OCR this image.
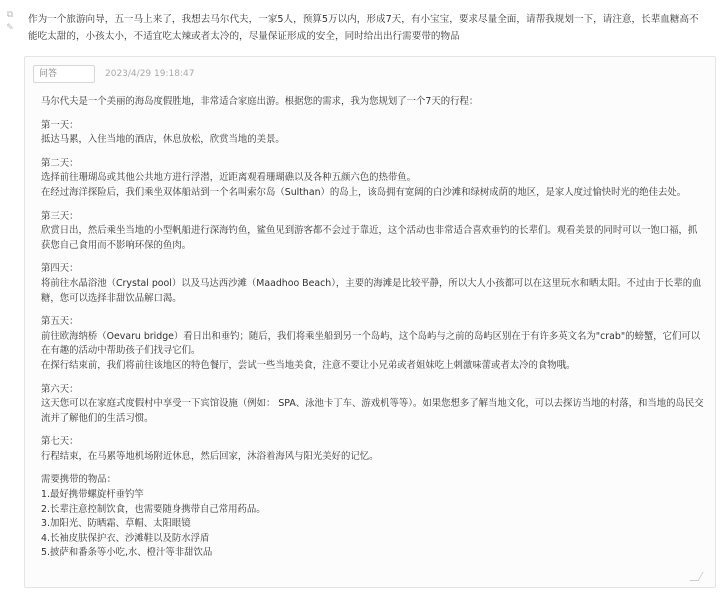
⧉
✎
作为一个旅游向导，五一马上来了，我想去马尔代夫，一家5人，预算5万以内，形成7天，有小宝宝，要求尽量全面，请帮我规划一下，请注意，长辈血糖高不能吃太甜的，小孩太小，不适宜吃太辣或者太冷的，尽量保证形成的安全，同时给出出行需要带的物品
问答	2023/4/29 19:18:47

马尔代夫是一个美丽的海岛度假胜地，非常适合家庭出游。根据您的需求，我为您规划了一个7天的行程：

第一天：
抵达马累，入住当地的酒店，休息放松，欣赏当地的美景。

第二天：
选择前往珊瑚岛或其他公共地方进行浮潜，近距离观看珊瑚礁以及各种五颜六色的热带鱼。
在经过海洋探险后，我们乘坐双体船站到一个名叫索尔岛（Sulthan）的岛上，该岛拥有宽阔的白沙滩和绿树成荫的地区，是家人度过愉快时光的绝佳去处。

第三天：
欣赏日出，然后乘坐当地的小型帆船进行深海钓鱼，鲨鱼见到游客都不会过于靠近，这个活动也非常适合喜欢垂钓的长辈们。观看美景的同时可以一饱口福，抓获您自己食用而不影响环保的鱼肉。

第四天：
将前往水晶浴池（Crystal pool）以及马达西沙滩（Maadhoo Beach），主要的海滩是比较平静，所以大人小孩都可以在这里玩水和晒太阳。不过由于长辈的血糖，您可以选择非甜饮品解口渴。

第五天：
前往欧海纳桥（Oevaru bridge）看日出和垂钓；随后，我们将乘坐船到另一个岛屿，这个岛屿与之前的岛屿区别在于有许多英文名为"crab"的螃蟹，它们可以在有趣的活动中帮助孩子们找寻它们。
在探行结束前，我们将前往该地区的特色餐厅，尝试一些当地美食，注意不要让小兄弟或者姐妹吃上刺激味蕾或者太冷的食物哦。

第六天：
这天您可以在家庭式度假村中享受一下宾馆设施（例如： SPA、泳池卡丁车、游戏机等等）。如果您想多了解当地文化，可以去探访当地的村落，和当地的岛民交流并了解他们的生活习惯。

第七天：
行程结束，在马累等地机场附近休息，然后回家，沐浴着海风与阳光美好的记忆。

需要携带的物品：

1.最好携带螺旋杆垂钓竿

2.长辈注意控制饮食，也需要随身携带自己常用药品。

3.加阳光、防晒霜、草帽、太阳眼镜

4.长袖皮肤保护衣、沙滩鞋以及防水浮盾

5.披萨和番条等小吃,水、橙汁等非甜饮品
